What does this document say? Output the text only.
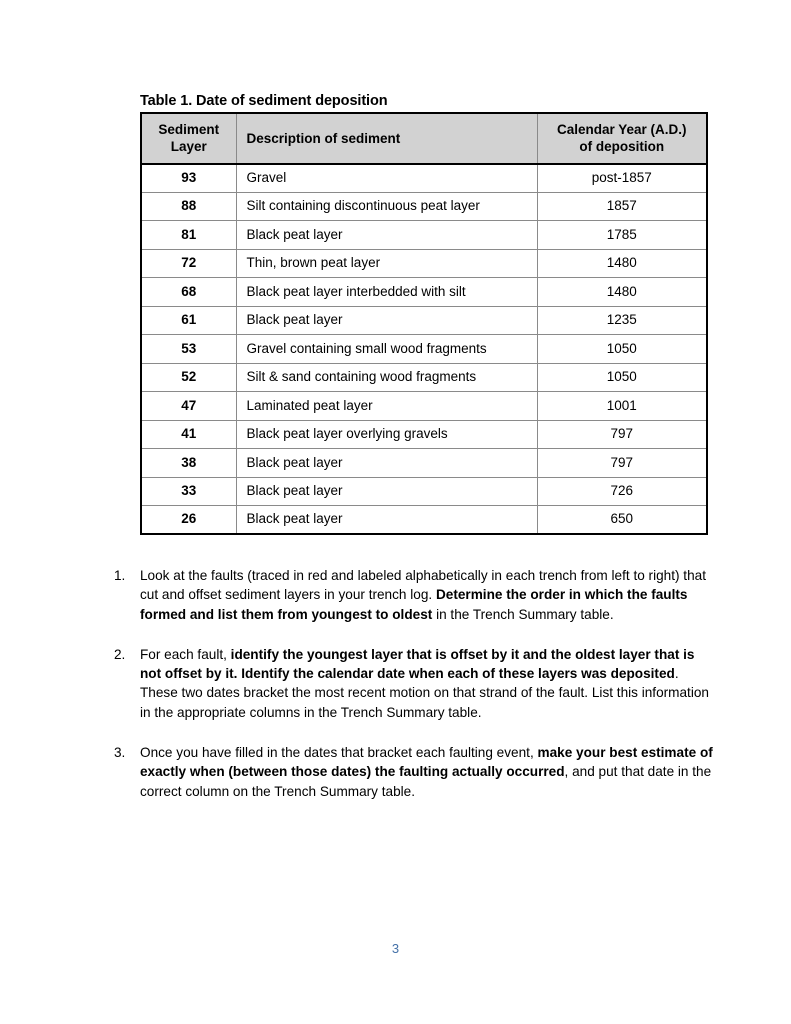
Table 1. Date of sediment deposition
Sediment
Layer	Description of sediment	Calendar Year (A.D.)
of deposition
93	Gravel	post-1857
88	Silt containing discontinuous peat layer	1857
81	Black peat layer	1785
72	Thin, brown peat layer	1480
68	Black peat layer interbedded with silt	1480
61	Black peat layer	1235
53	Gravel containing small wood fragments	1050
52	Silt & sand containing wood fragments	1050
47	Laminated peat layer	1001
41	Black peat layer overlying gravels	797
38	Black peat layer	797
33	Black peat layer	726
26	Black peat layer	650
1.	Look at the faults (traced in red and labeled alphabetically in each trench from left to right) that cut and offset sediment layers in your trench log. Determine the order in which the faults formed and list them from youngest to oldest in the Trench Summary table.
2.	For each fault, identify the youngest layer that is offset by it and the oldest layer that is not offset by it. Identify the calendar date when each of these layers was deposited. These two dates bracket the most recent motion on that strand of the fault. List this information in the appropriate columns in the Trench Summary table.
3.	Once you have filled in the dates that bracket each faulting event, make your best estimate of exactly when (between those dates) the faulting actually occurred, and put that date in the correct column on the Trench Summary table.
3
